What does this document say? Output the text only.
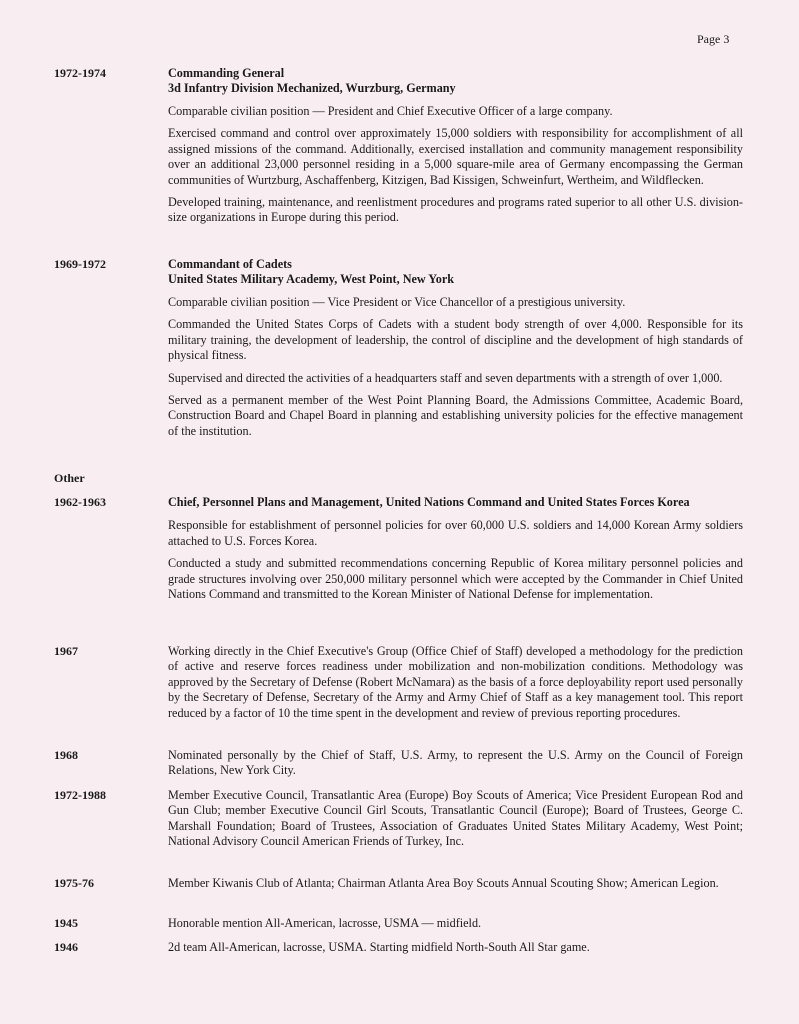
Page 3
1972-1974	Commanding General
3d Infantry Division Mechanized, Wurzburg, Germany

Comparable civilian position — President and Chief Executive Officer of a large company.

Exercised command and control over approximately 15,000 soldiers with responsibility for accomplishment of all assigned missions of the command. Additionally, exercised installation and community management responsibility over an additional 23,000 personnel residing in a 5,000 square-mile area of Germany encompassing the German communities of Wurtzburg, Aschaffenberg, Kitzigen, Bad Kissigen, Schweinfurt, Wertheim, and Wildflecken.

Developed training, maintenance, and reenlistment procedures and programs rated superior to all other U.S. division-size organizations in Europe during this period.

1969-1972	Commandant of Cadets
United States Military Academy, West Point, New York

Comparable civilian position — Vice President or Vice Chancellor of a prestigious university.

Commanded the United States Corps of Cadets with a student body strength of over 4,000. Responsible for its military training, the development of leadership, the control of discipline and the development of high standards of physical fitness.

Supervised and directed the activities of a headquarters staff and seven departments with a strength of over 1,000.

Served as a permanent member of the West Point Planning Board, the Admissions Committee, Academic Board, Construction Board and Chapel Board in planning and establishing university policies for the effective management of the institution.

Other
1962-1963	Chief, Personnel Plans and Management, United Nations Command and United States Forces Korea

Responsible for establishment of personnel policies for over 60,000 U.S. soldiers and 14,000 Korean Army soldiers attached to U.S. Forces Korea.

Conducted a study and submitted recommendations concerning Republic of Korea military personnel policies and grade structures involving over 250,000 military personnel which were accepted by the Commander in Chief United Nations Command and transmitted to the Korean Minister of National Defense for implementation.

1967	Working directly in the Chief Executive's Group (Office Chief of Staff) developed a methodology for the prediction of active and reserve forces readiness under mobilization and non-mobilization conditions. Methodology was approved by the Secretary of Defense (Robert McNamara) as the basis of a force deployability report used personally by the Secretary of Defense, Secretary of the Army and Army Chief of Staff as a key management tool. This report reduced by a factor of 10 the time spent in the development and review of previous reporting procedures.

1968	Nominated personally by the Chief of Staff, U.S. Army, to represent the U.S. Army on the Council of Foreign Relations, New York City.

1972-1988	Member Executive Council, Transatlantic Area (Europe) Boy Scouts of America; Vice President European Rod and Gun Club; member Executive Council Girl Scouts, Transatlantic Council (Europe); Board of Trustees, George C. Marshall Foundation; Board of Trustees, Association of Graduates United States Military Academy, West Point; National Advisory Council American Friends of Turkey, Inc.

1975-76	Member Kiwanis Club of Atlanta; Chairman Atlanta Area Boy Scouts Annual Scouting Show; American Legion.

1945	Honorable mention All-American, lacrosse, USMA — midfield.

1946	2d team All-American, lacrosse, USMA. Starting midfield North-South All Star game.
